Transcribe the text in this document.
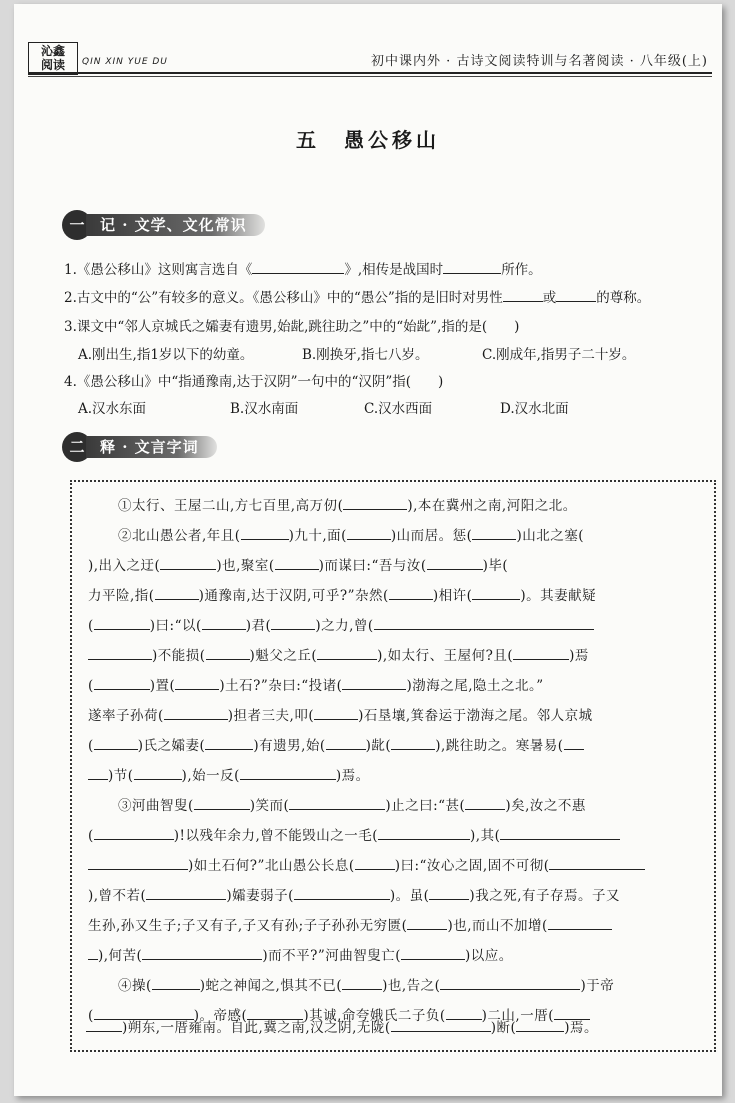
沁鑫
阅读	QIN XIN YUE DU	初中课内外 · 古诗文阅读特训与名著阅读 · 八年级(上)
五　愚公移山
一	记 · 文学、文化常识
1.《愚公移山》这则寓言选自《	》,相传是战国时	所作。
2.古文中的“公”有较多的意义。《愚公移山》中的“愚公”指的是旧时对男性	或	的尊称。
3.课文中“邻人京城氏之孀妻有遗男,始龀,跳往助之”中的“始龀”,指的是(　　)
A.刚出生,指1岁以下的幼童。	B.刚换牙,指七八岁。	C.刚成年,指男子二十岁。
4.《愚公移山》中“指通豫南,达于汉阴”一句中的“汉阴”指(　　)
A.汉水东面	B.汉水南面	C.汉水西面	D.汉水北面
二	释 · 文言字词
①太行、王屋二山,方七百里,高万仞(	),本在冀州之南,河阳之北。
②北山愚公者,年且(	)九十,面(	)山而居。惩(	)山北之塞(
),出入之迂(	)也,聚室(	)而谋曰:“吾与汝(	)毕(
力平险,指(	)通豫南,达于汉阴,可乎?”杂然(	)相许(	)。其妻献疑
(	)曰:“以(	)君(	)之力,曾(
)不能损(	)魁父之丘(	),如太行、王屋何?且(	)焉
(	)置(	)土石?”杂曰:“投诸(	)渤海之尾,隐土之北。”
遂率子孙荷(	)担者三夫,叩(	)石垦壤,箕畚运于渤海之尾。邻人京城
(	)氏之孀妻(	)有遗男,始(	)龀(	),跳往助之。寒暑易(
)节(	),始一反(	)焉。
③河曲智叟(	)笑而(	)止之曰:“甚(	)矣,汝之不惠
(	)!以残年余力,曾不能毁山之一毛(	),其(
)如土石何?”北山愚公长息(	)曰:“汝心之固,固不可彻(
),曾不若(	)孀妻弱子(	)。虽(	)我之死,有子存焉。子又
生孙,孙又生子;子又有子,子又有孙;子子孙孙无穷匮(	)也,而山不加增(
),何苦(	)而不平?”河曲智叟亡(	)以应。
④操(	)蛇之神闻之,惧其不已(	)也,告之(	)于帝
(	)。帝感(	)其诚,命夸娥氏二子负(	)二山,一厝(
)朔东,一厝雍南。自此,冀之南,汉之阴,无陇(	)断(	)焉。
